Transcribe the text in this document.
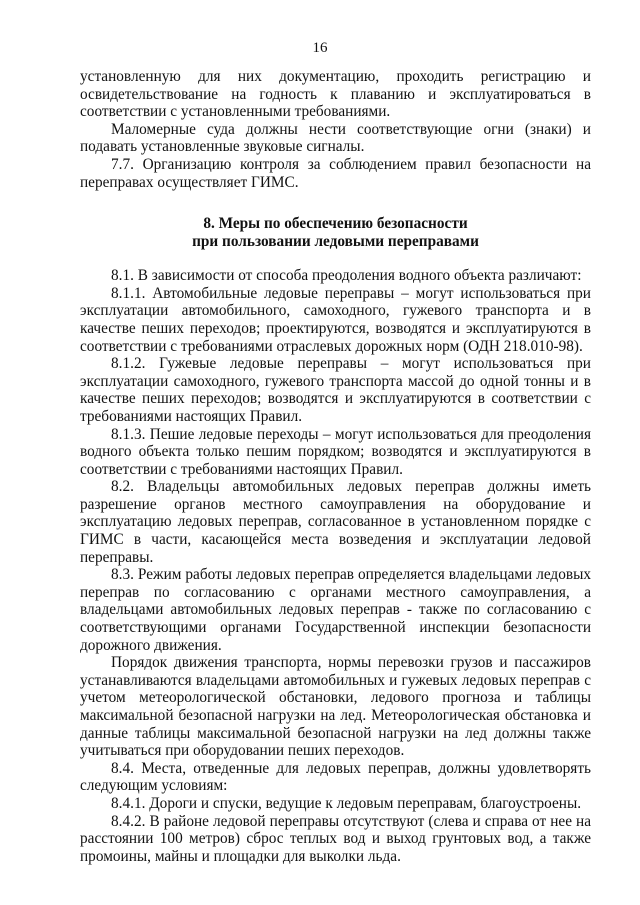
16

установленную для них документацию, проходить регистрацию и освидетельствование на годность к плаванию и эксплуатироваться в соответствии с установленными требованиями.

Маломерные суда должны нести соответствующие огни (знаки) и подавать установленные звуковые сигналы.

7.7. Организацию контроля за соблюдением правил безопасности на переправах осуществляет ГИМС.

8. Меры по обеспечению безопасности
при пользовании ледовыми переправами

8.1. В зависимости от способа преодоления водного объекта различают:

8.1.1. Автомобильные ледовые переправы – могут использоваться при эксплуатации автомобильного, самоходного, гужевого транспорта и в качестве пеших переходов; проектируются, возводятся и эксплуатируются в соответствии с требованиями отраслевых дорожных норм (ОДН 218.010-98).

8.1.2. Гужевые ледовые переправы – могут использоваться при эксплуатации самоходного, гужевого транспорта массой до одной тонны и в качестве пеших переходов; возводятся и эксплуатируются в соответствии с требованиями настоящих Правил.

8.1.3. Пешие ледовые переходы – могут использоваться для преодоления водного объекта только пешим порядком; возводятся и эксплуатируются в соответствии с требованиями настоящих Правил.

8.2. Владельцы автомобильных ледовых переправ должны иметь разрешение органов местного самоуправления на оборудование и эксплуатацию ледовых переправ, согласованное в установленном порядке с ГИМС в части, касающейся места возведения и эксплуатации ледовой переправы.

8.3. Режим работы ледовых переправ определяется владельцами ледовых переправ по согласованию с органами местного самоуправления, а владельцами автомобильных ледовых переправ - также по согласованию с соответствующими органами Государственной инспекции безопасности дорожного движения.

Порядок движения транспорта, нормы перевозки грузов и пассажиров устанавливаются владельцами автомобильных и гужевых ледовых переправ с учетом метеорологической обстановки, ледового прогноза и таблицы максимальной безопасной нагрузки на лед. Метеорологическая обстановка и данные таблицы максимальной безопасной нагрузки на лед должны также учитываться при оборудовании пеших переходов.

8.4. Места, отведенные для ледовых переправ, должны удовлетворять следующим условиям:

8.4.1. Дороги и спуски, ведущие к ледовым переправам, благоустроены.

8.4.2. В районе ледовой переправы отсутствуют (слева и справа от нее на расстоянии 100 метров) сброс теплых вод и выход грунтовых вод, а также промоины, майны и площадки для выколки льда.
